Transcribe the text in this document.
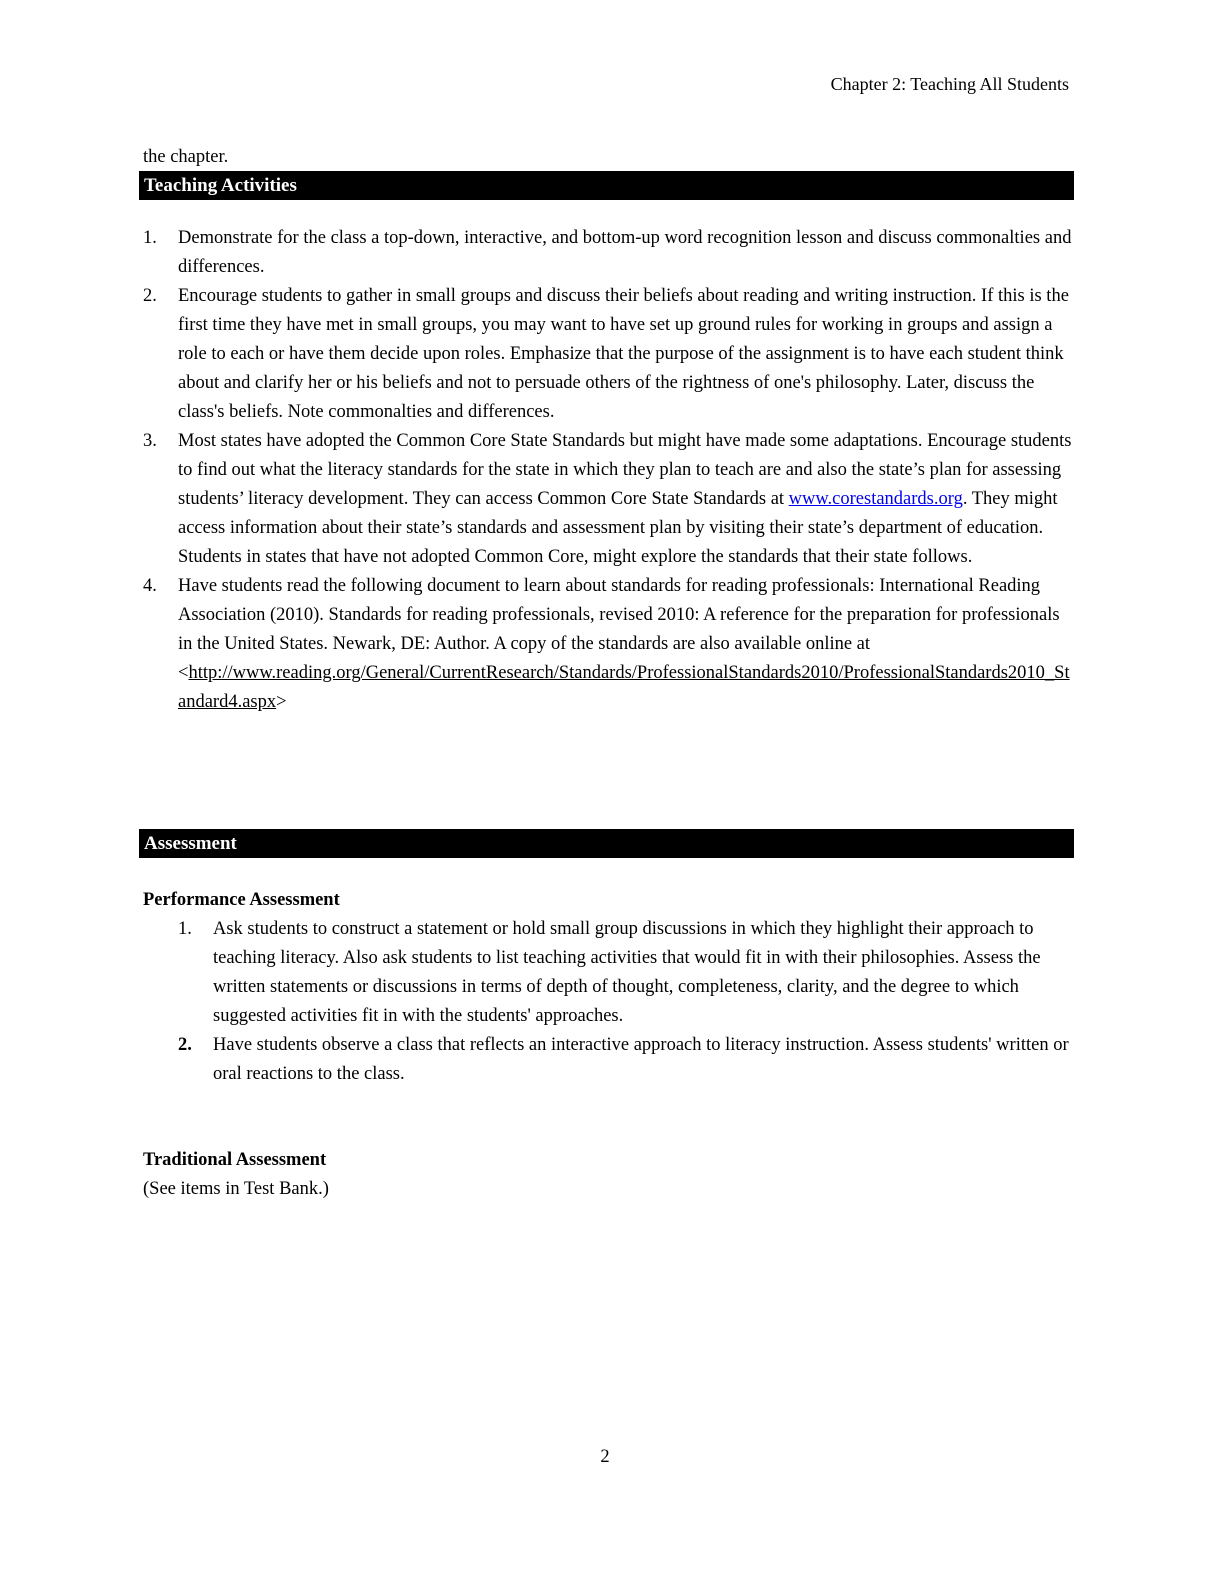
Chapter 2: Teaching All Students
the chapter.
Teaching Activities
1. Demonstrate for the class a top-down, interactive, and bottom-up word recognition lesson and discuss commonalties and differences.
2. Encourage students to gather in small groups and discuss their beliefs about reading and writing instruction. If this is the first time they have met in small groups, you may want to have set up ground rules for working in groups and assign a role to each or have them decide upon roles. Emphasize that the purpose of the assignment is to have each student think about and clarify her or his beliefs and not to persuade others of the rightness of one's philosophy. Later, discuss the class's beliefs. Note commonalties and differences.
3. Most states have adopted the Common Core State Standards but might have made some adaptations. Encourage students to find out what the literacy standards for the state in which they plan to teach are and also the state’s plan for assessing students’ literacy development. They can access Common Core State Standards at www.corestandards.org. They might access information about their state’s standards and assessment plan by visiting their state’s department of education. Students in states that have not adopted Common Core, might explore the standards that their state follows.
4. Have students read the following document to learn about standards for reading professionals: International Reading Association (2010). Standards for reading professionals, revised 2010: A reference for the preparation for professionals in the United States. Newark, DE: Author. A copy of the standards are also available online at
<http://www.reading.org/General/CurrentResearch/Standards/ProfessionalStandards2010/ProfessionalStandards2010_Standard4.aspx>
Assessment
Performance Assessment
1. Ask students to construct a statement or hold small group discussions in which they highlight their approach to teaching literacy. Also ask students to list teaching activities that would fit in with their philosophies. Assess the written statements or discussions in terms of depth of thought, completeness, clarity, and the degree to which suggested activities fit in with the students' approaches.
2. Have students observe a class that reflects an interactive approach to literacy instruction. Assess students' written or oral reactions to the class.
Traditional Assessment
(See items in Test Bank.)
2
